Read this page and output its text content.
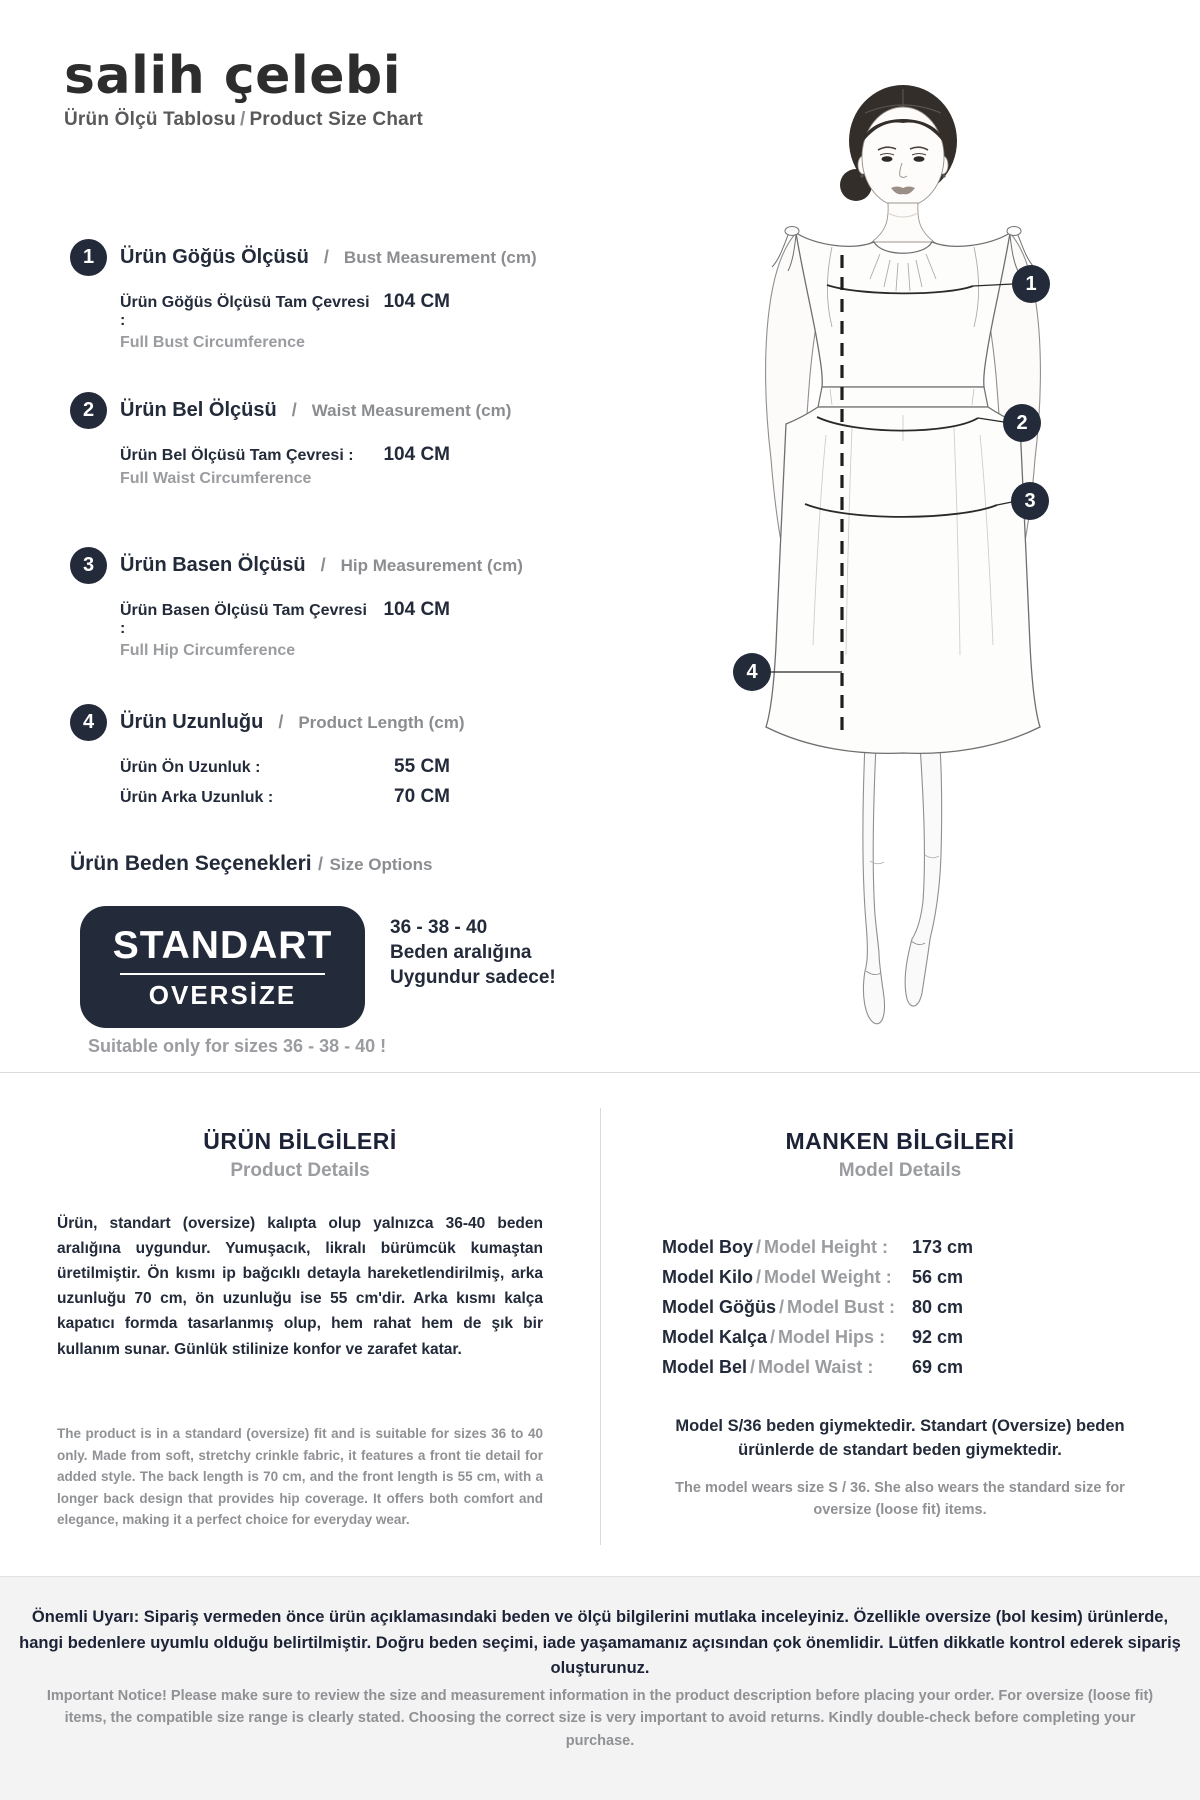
salih çelebi
Ürün Ölçü Tablosu / Product Size Chart
1	Ürün Göğüs Ölçüsü / Bust Measurement (cm)
Ürün Göğüs Ölçüsü Tam Çevresi :
104 CM
Full Bust Circumference
2	Ürün Bel Ölçüsü / Waist Measurement (cm)
Ürün Bel Ölçüsü Tam Çevresi :	104 CM
Full Waist Circumference
3	Ürün Basen Ölçüsü / Hip Measurement (cm)
Ürün Basen Ölçüsü Tam Çevresi :
104 CM
Full Hip Circumference
4	Ürün Uzunluğu / Product Length (cm)
Ürün Ön Uzunluk :	55 CM
Ürün Arka Uzunluk :	70 CM
Ürün Beden Seçenekleri / Size Options
STANDART
OVERSİZE
36 - 38 - 40
Beden aralığına
Uygundur sadece!
Suitable only for sizes 36 - 38 - 40 !
1
2
3
4
ÜRÜN BİLGİLERİ
Product Details
Ürün, standart (oversize) kalıpta olup yalnızca 36-40 beden aralığına uygundur. Yumuşacık, likralı bürümcük kumaştan üretilmiştir. Ön kısmı ip bağcıklı detayla hareketlendirilmiş, arka uzunluğu 70 cm, ön uzunluğu ise 55 cm'dir. Arka kısmı kalça kapatıcı formda tasarlanmış olup, hem rahat hem de şık bir kullanım sunar. Günlük stilinize konfor ve zarafet katar.
The product is in a standard (oversize) fit and is suitable for sizes 36 to 40 only. Made from soft, stretchy crinkle fabric, it features a front tie detail for added style. The back length is 70 cm, and the front length is 55 cm, with a longer back design that provides hip coverage. It offers both comfort and elegance, making it a perfect choice for everyday wear.
MANKEN BİLGİLERİ
Model Details
Model Boy / Model Height :	173 cm
Model Kilo / Model Weight :	56 cm
Model Göğüs / Model Bust : 80 cm
Model Kalça / Model Hips :	92 cm
Model Bel / Model Waist :	69 cm
Model S/36 beden giymektedir. Standart (Oversize) beden ürünlerde de standart beden giymektedir.
The model wears size S / 36. She also wears the standard size for oversize (loose fit) items.
Önemli Uyarı: Sipariş vermeden önce ürün açıklamasındaki beden ve ölçü bilgilerini mutlaka inceleyiniz. Özellikle oversize (bol kesim) ürünlerde, hangi bedenlere uyumlu olduğu belirtilmiştir. Doğru beden seçimi, iade yaşamamanız açısından çok önemlidir. Lütfen dikkatle kontrol ederek sipariş oluşturunuz.
Important Notice! Please make sure to review the size and measurement information in the product description before placing your order. For oversize (loose fit) items, the compatible size range is clearly stated. Choosing the correct size is very important to avoid returns. Kindly double-check before completing your purchase.
